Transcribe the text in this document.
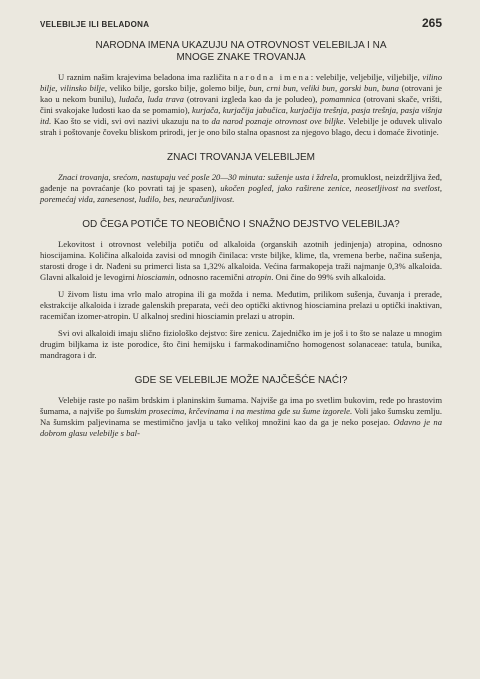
VELEBILJE ILI BELADONA	265
NARODNA IMENA UKAZUJU NA OTROVNOST VELEBILJA I NA
MNOGE ZNAKE TROVANJA

U raznim našim krajevima beladona ima različita narodna imena: velebilje, veljebilje, viljebilje, vilino bilje, vilinsko bilje, veliko bilje, gorsko bilje, golemo bilje, bun, crni bun, veliki bun, gorski bun, buna (otrovani je kao u nekom bunilu), ludača, luda trava (otrovani izgleda kao da je poludeo), pomamnica (otrovani skače, vrišti, čini svakojake ludosti kao da se pomamio), kurjača, kurjačija jabučica, kurjačija trešnja, pasja trešnja, pasja višnja itd. Kao što se vidi, svi ovi nazivi ukazuju na to da narod poznaje otrovnost ove biljke. Velebilje je oduvek ulivalo strah i poštovanje čoveku bliskom prirodi, jer je ono bilo stalna opasnost za njegovo blago, decu i domaće životinje.

ZNACI TROVANJA VELEBILJEM

Znaci trovanja, srećom, nastupaju već posle 20—30 minuta: suženje usta i ždrela, promuklost, neizdržljiva žeđ, gađenje na povraćanje (ko povrati taj je spasen), ukočen pogled, jako raširene zenice, neosetljivost na svetlost, poremećaj vida, zanesenost, ludilo, bes, neuračunljivost.

OD ČEGA POTIČE TO NEOBIČNO I SNAŽNO DEJSTVO VELEBILJA?

Lekovitost i otrovnost velebilja potiču od alkaloida (organskih azotnih jedinjenja) atropina, odnosno hioscijamina. Količina alkaloida zavisi od mnogih činilaca: vrste biljke, klime, tla, vremena berbe, načina sušenja, starosti droge i dr. Nađeni su primerci lista sa 1,32% alkaloida. Većina farmakopeja traži najmanje 0,3% alkaloida. Glavni alkaloid je levogirni hiosciamin, odnosno racemični atropin. Oni čine do 99% svih alkaloida.

U živom listu ima vrlo malo atropina ili ga možda i nema. Međutim, prilikom sušenja, čuvanja i prerade, ekstrakcije alkaloida i izrade galenskih preparata, veći deo optički aktivnog hiosciamina prelazi u optički inaktivan, racemičan izomer-atropin. U alkalnoj sredini hiosciamin prelazi u atropin.

Svi ovi alkaloidi imaju slično fiziološko dejstvo: šire zenicu. Zajedničko im je još i to što se nalaze u mnogim drugim biljkama iz iste porodice, što čini hemijsku i farmakodinamično homogenost solanaceae: tatula, bunika, mandragora i dr.

GDE SE VELEBILJE MOŽE NAJČEŠĆE NAĆI?

Velebije raste po našim brdskim i planinskim šumama. Najviše ga ima po svetlim bukovim, ređe po hrastovim šumama, a najviše po šumskim prosecima, krčevinama i na mestima gde su šume izgorele. Voli jako šumsku zemlju. Na šumskim paljevinama se mestimično javlja u tako velikoj množini kao da ga je neko posejao. Odavno je na dobrom glasu velebilje s bal-
